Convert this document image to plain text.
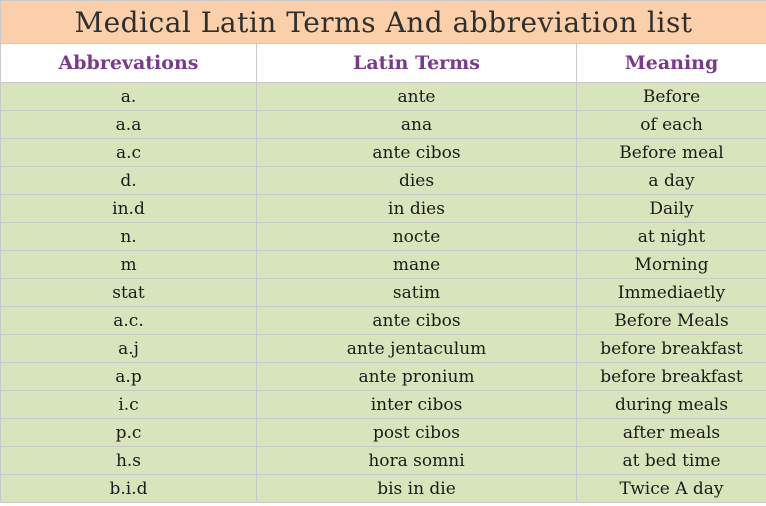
Medical Latin Terms And abbreviation list		
Abbrevations	Latin Terms	Meaning
a.	ante	Before
a.a	ana	of each
a.c	ante cibos	Before meal
d.	dies	a day
in.d	in dies	Daily
n.	nocte	at night
m	mane	Morning
stat	satim	Immediaetly
a.c.	ante cibos	Before Meals
a.j	ante jentaculum	before breakfast
a.p	ante pronium	before breakfast
i.c	inter cibos	during meals
p.c	post cibos	after meals
h.s	hora somni	at bed time
b.i.d	bis in die	Twice A day
